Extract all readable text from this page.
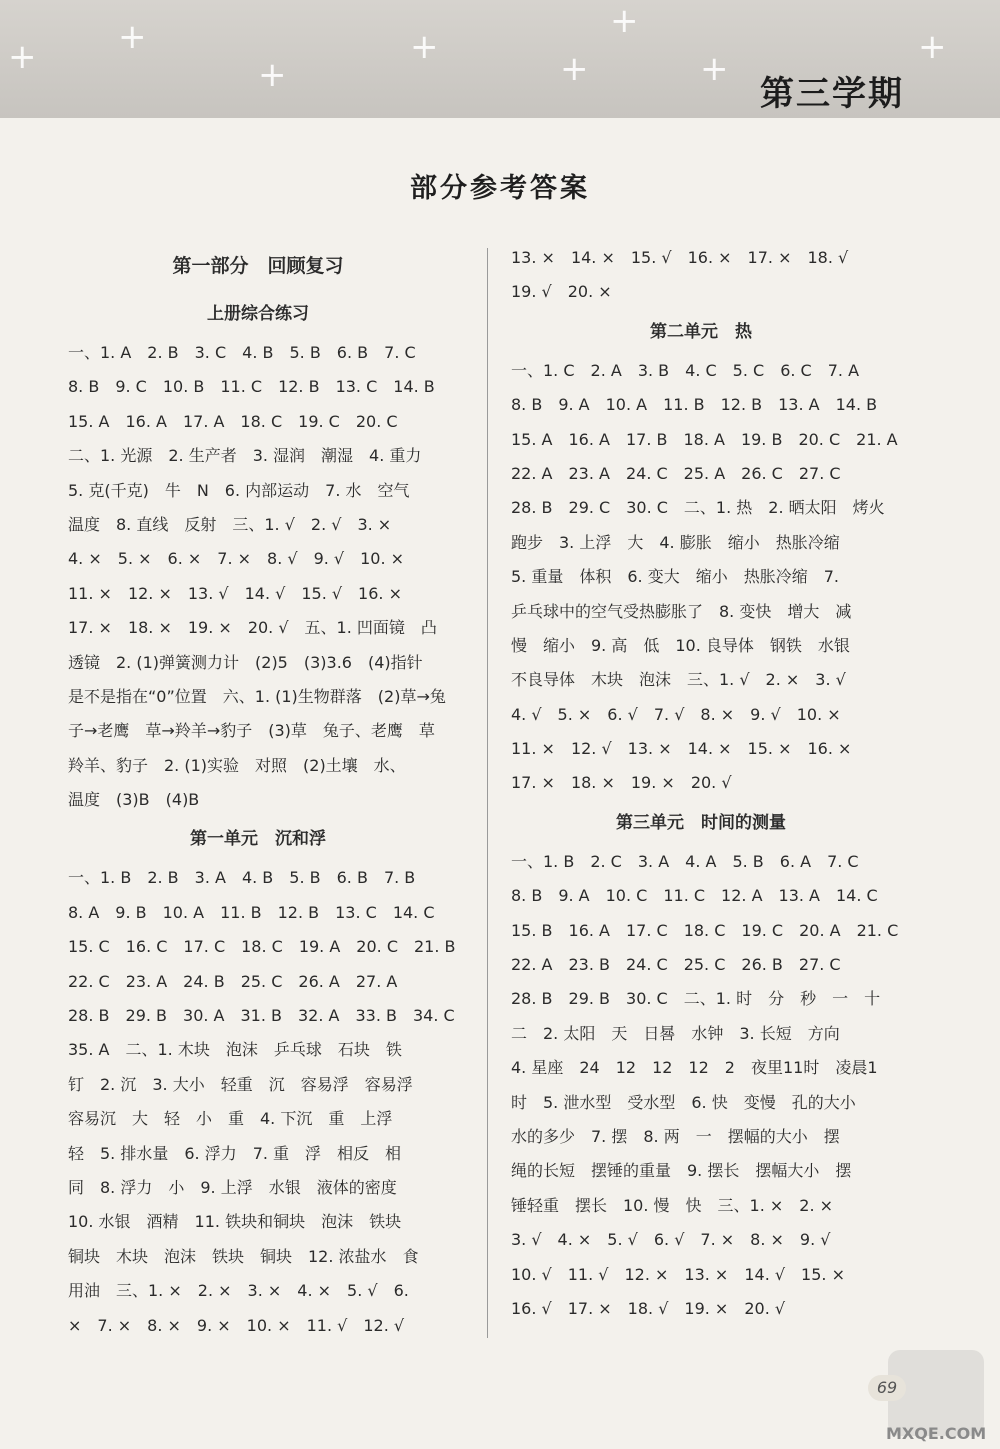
+ +
+
+
+
+
+
+
第三学期
部分参考答案
第一部分　回顾复习
上册综合练习
一、1. A　2. B　3. C　4. B　5. B　6. B　7. C
8. B　9. C　10. B　11. C　12. B　13. C　14. B
15. A　16. A　17. A　18. C　19. C　20. C
二、1. 光源　2. 生产者　3. 湿润　潮湿　4. 重力
5. 克(千克)　牛　N　6. 内部运动　7. 水　空气
温度　8. 直线　反射　三、1. √　2. √　3. ×
4. ×　5. ×　6. ×　7. ×　8. √　9. √　10. ×
11. ×　12. ×　13. √　14. √　15. √　16. ×
17. ×　18. ×　19. ×　20. √　五、1. 凹面镜　凸
透镜　2. (1)弹簧测力计　(2)5　(3)3.6　(4)指针
是不是指在“0”位置　六、1. (1)生物群落　(2)草→兔
子→老鹰　草→羚羊→豹子　(3)草　兔子、老鹰　草
羚羊、豹子　2. (1)实验　对照　(2)土壤　水、
温度　(3)B　(4)B
第一单元　沉和浮
一、1. B　2. B　3. A　4. B　5. B　6. B　7. B
8. A　9. B　10. A　11. B　12. B　13. C　14. C
15. C　16. C　17. C　18. C　19. A　20. C　21. B
22. C　23. A　24. B　25. C　26. A　27. A
28. B　29. B　30. A　31. B　32. A　33. B　34. C
35. A　二、1. 木块　泡沫　乒乓球　石块　铁
钉　2. 沉　3. 大小　轻重　沉　容易浮　容易浮
容易沉　大　轻　小　重　4. 下沉　重　上浮
轻　5. 排水量　6. 浮力　7. 重　浮　相反　相
同　8. 浮力　小　9. 上浮　水银　液体的密度
10. 水银　酒精　11. 铁块和铜块　泡沫　铁块
铜块　木块　泡沫　铁块　铜块　12. 浓盐水　食
用油　三、1. ×　2. ×　3. ×　4. ×　5. √　6.
×　7. ×　8. ×　9. ×　10. ×　11. √　12. √
13. ×　14. ×　15. √　16. ×　17. ×　18. √
19. √　20. ×
第二单元　热
一、1. C　2. A　3. B　4. C　5. C　6. C　7. A
8. B　9. A　10. A　11. B　12. B　13. A　14. B
15. A　16. A　17. B　18. A　19. B　20. C　21. A
22. A　23. A　24. C　25. A　26. C　27. C
28. B　29. C　30. C　二、1. 热　2. 晒太阳　烤火
跑步　3. 上浮　大　4. 膨胀　缩小　热胀冷缩
5. 重量　体积　6. 变大　缩小　热胀冷缩　7.
乒乓球中的空气受热膨胀了　8. 变快　增大　减
慢　缩小　9. 高　低　10. 良导体　钢铁　水银
不良导体　木块　泡沫　三、1. √　2. ×　3. √
4. √　5. ×　6. √　7. √　8. ×　9. √　10. ×
11. ×　12. √　13. ×　14. ×　15. ×　16. ×
17. ×　18. ×　19. ×　20. √
第三单元　时间的测量
一、1. B　2. C　3. A　4. A　5. B　6. A　7. C
8. B　9. A　10. C　11. C　12. A　13. A　14. C
15. B　16. A　17. C　18. C　19. C　20. A　21. C
22. A　23. B　24. C　25. C　26. B　27. C
28. B　29. B　30. C　二、1. 时　分　秒　一　十
二　2. 太阳　天　日晷　水钟　3. 长短　方向
4. 星座　24　12　12　12　2　夜里11时　凌晨1
时　5. 泄水型　受水型　6. 快　变慢　孔的大小
水的多少　7. 摆　8. 两　一　摆幅的大小　摆
绳的长短　摆锤的重量　9. 摆长　摆幅大小　摆
锤轻重　摆长　10. 慢　快　三、1. ×　2. ×
3. √　4. ×　5. √　6. √　7. ×　8. ×　9. √
10. √　11. √　12. ×　13. ×　14. √　15. ×
16. √　17. ×　18. √　19. ×　20. √
69
MXQE.COM
